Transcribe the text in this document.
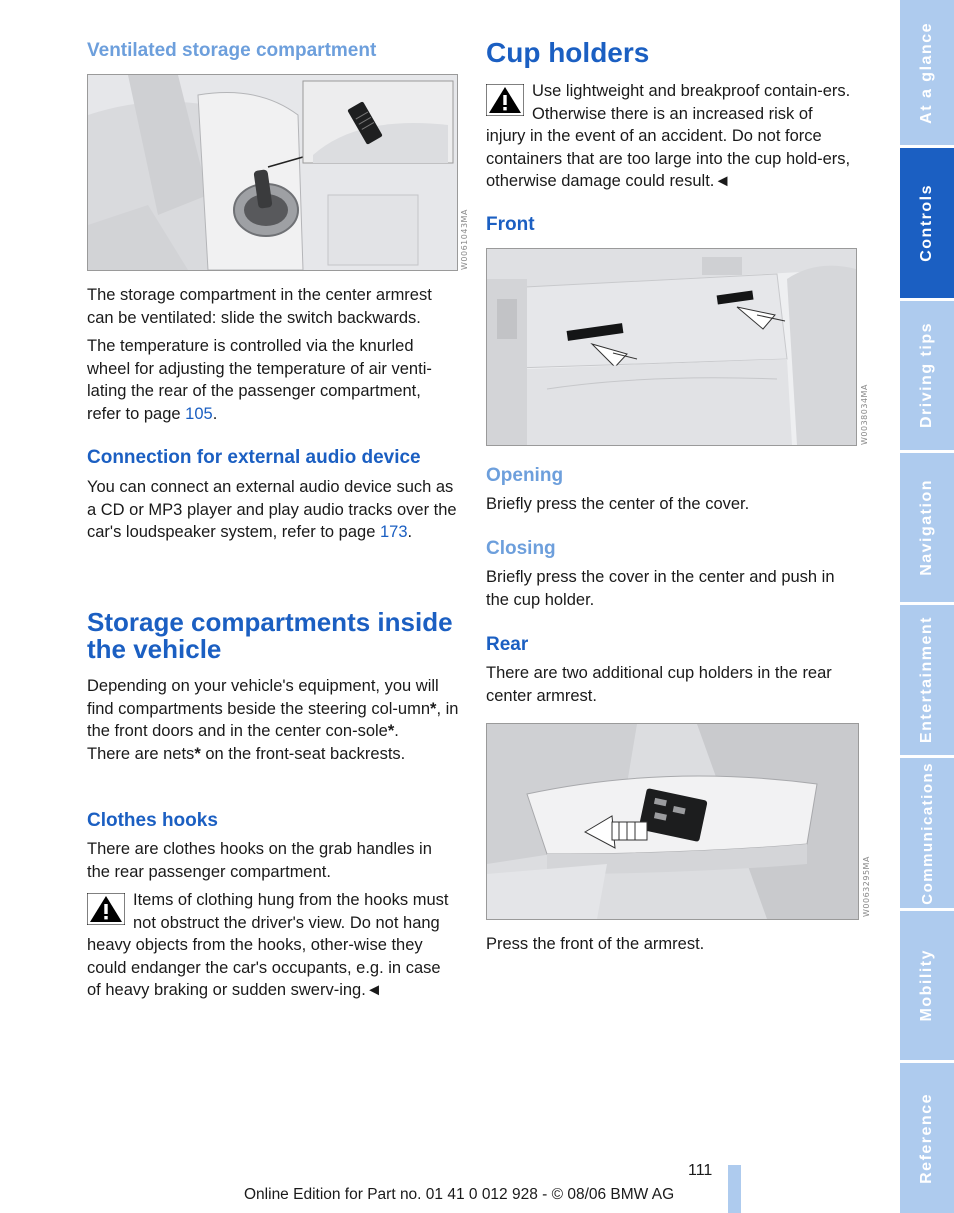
Ventilated storage compartment
W0061043MA

The storage compartment in the center armrest can be ventilated: slide the switch backwards.

The temperature is controlled via the knurled wheel for adjusting the temperature of air venti-lating the rear of the passenger compartment, refer to page 105.

Connection for external audio device

You can connect an external audio device such as a CD or MP3 player and play audio tracks over the car's loudspeaker system, refer to page 173.

Storage compartments inside
the vehicle

Depending on your vehicle's equipment, you will find compartments beside the steering col-umn*, in the front doors and in the center con-sole*.

There are nets* on the front-seat backrests.

Clothes hooks

There are clothes hooks on the grab handles in the rear passenger compartment.

Items of clothing hung from the hooks must not obstruct the driver's view. Do not hang heavy objects from the hooks, other-wise they could endanger the car's occupants, e.g. in case of heavy braking or sudden swerv-ing.◄

Cup holders

Use lightweight and breakproof contain-ers. Otherwise there is an increased risk of injury in the event of an accident. Do not force containers that are too large into the cup hold-ers, otherwise damage could result.◄

Front
W0038034MA
Opening

Briefly press the center of the cover.

Closing

Briefly press the cover in the center and push in the cup holder.

Rear

There are two additional cup holders in the rear center armrest.

W0063295MA

Press the front of the armrest.

111
Online Edition for Part no. 01 41 0 012 928 - © 08/06 BMW AG
At a glance
Controls
Driving tips
Navigation
Entertainment
Communications
Mobility
Reference
